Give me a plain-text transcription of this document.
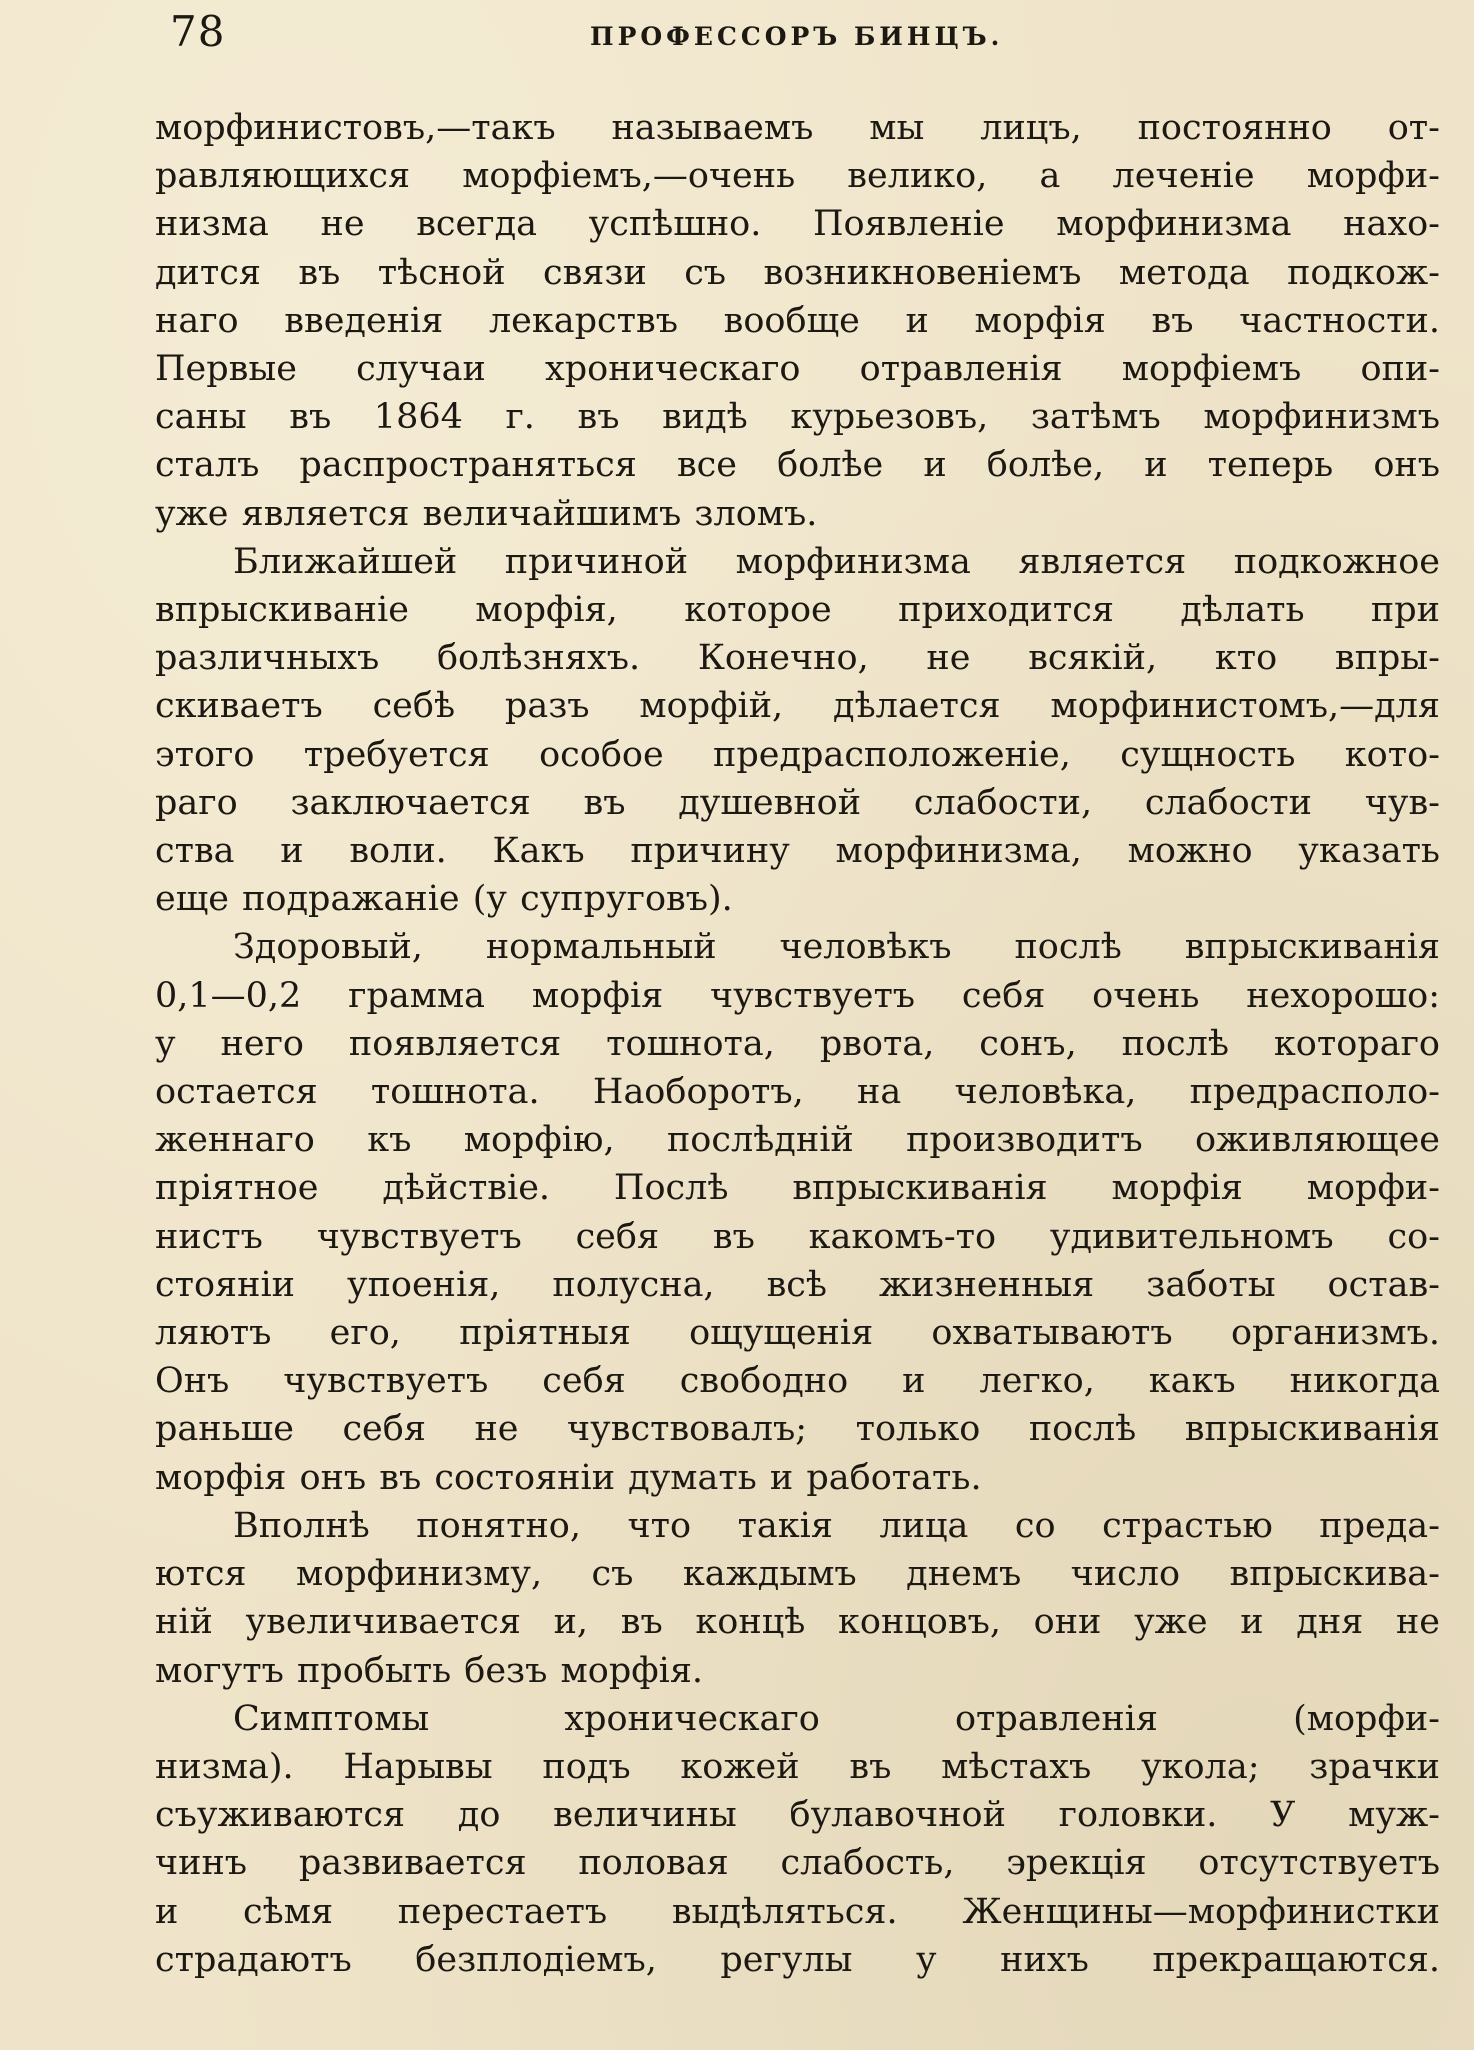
78	ПРОФЕССОРЪ БИНЦЪ.

морфинистовъ,—такъ называемъ мы лицъ, постоянно от-
равляющихся морфіемъ,—очень велико, а леченіе морфи-
низма не всегда успѣшно. Появленіе морфинизма нахо-
дится въ тѣсной связи съ возникновеніемъ метода подкож-
наго введенія лекарствъ вообще и морфія въ частности.
Первые случаи хроническаго отравленія морфіемъ опи-
саны въ 1864 г. въ видѣ курьезовъ, затѣмъ морфинизмъ
сталъ распространяться все болѣе и болѣе, и теперь онъ
уже является величайшимъ зломъ.

Ближайшей причиной морфинизма является подкожное
впрыскиваніе морфія, которое приходится дѣлать при
различныхъ болѣзняхъ. Конечно, не всякій, кто впры-
скиваетъ себѣ разъ морфій, дѣлается морфинистомъ,—для
этого требуется особое предрасположеніе, сущность кото-
раго заключается въ душевной слабости, слабости чув-
ства и воли. Какъ причину морфинизма, можно указать
еще подражаніе (у супруговъ).

Здоровый, нормальный человѣкъ послѣ впрыскиванія
0,1—0,2 грамма морфія чувствуетъ себя очень нехорошо:
у него появляется тошнота, рвота, сонъ, послѣ котораго
остается тошнота. Наоборотъ, на человѣка, предрасполо-
женнаго къ морфію, послѣдній производитъ оживляющее
пріятное дѣйствіе. Послѣ впрыскиванія морфія морфи-
нистъ чувствуетъ себя въ какомъ-то удивительномъ со-
стояніи упоенія, полусна, всѣ жизненныя заботы остав-
ляютъ его, пріятныя ощущенія охватываютъ организмъ.
Онъ чувствуетъ себя свободно и легко, какъ никогда
раньше себя не чувствовалъ; только послѣ впрыскиванія
морфія онъ въ состояніи думать и работать.

Вполнѣ понятно, что такія лица со страстью преда-
ются морфинизму, съ каждымъ днемъ число впрыскива-
ній увеличивается и, въ концѣ концовъ, они уже и дня не
могутъ пробыть безъ морфія.

Симптомы хроническаго отравленія (морфи-
низма). Нарывы подъ кожей въ мѣстахъ укола; зрачки
съуживаются до величины булавочной головки. У муж-
чинъ развивается половая слабость, эрекція отсутствуетъ
и сѣмя перестаетъ выдѣляться. Женщины—морфинистки
страдаютъ безплодіемъ, регулы у нихъ прекращаются.
